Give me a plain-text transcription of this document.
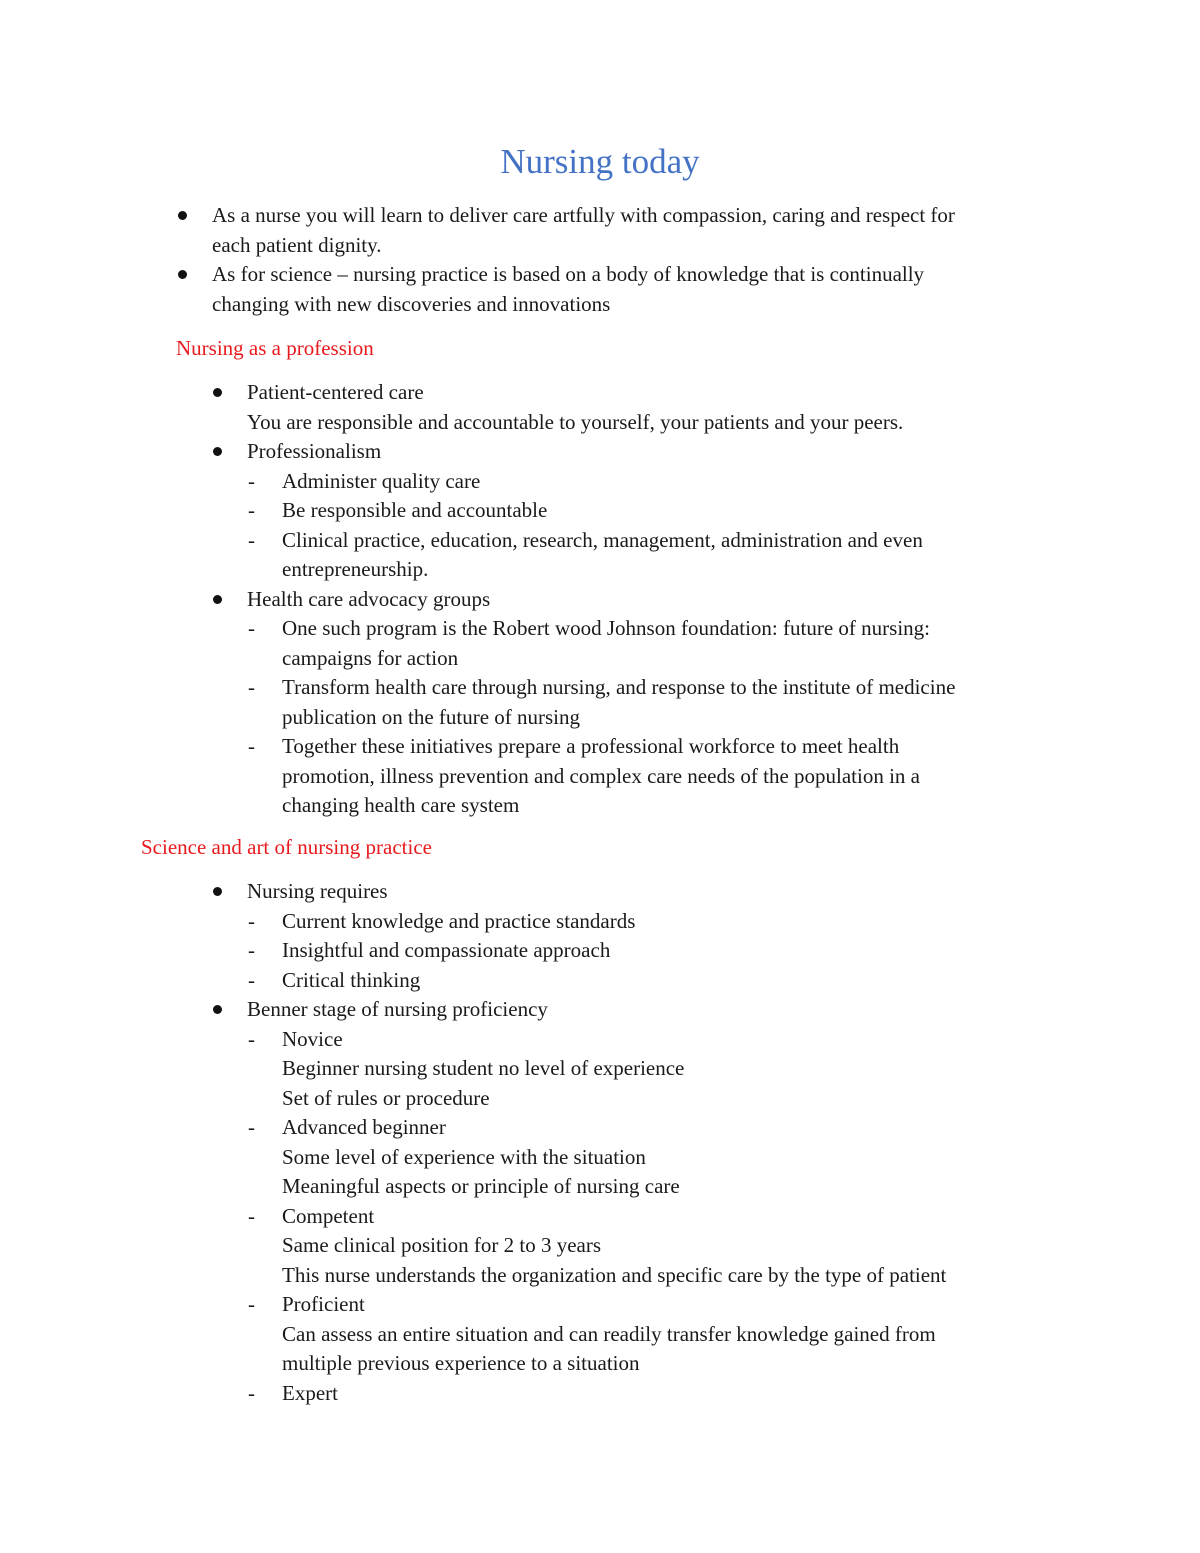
Nursing today
As a nurse you will learn to deliver care artfully with compassion, caring and respect for
each patient dignity.
As for science – nursing practice is based on a body of knowledge that is continually
changing with new discoveries and innovations
Nursing as a profession
Patient-centered care
You are responsible and accountable to yourself, your patients and your peers.
Professionalism
- Administer quality care
- Be responsible and accountable
- Clinical practice, education, research, management, administration and even
entrepreneurship.
Health care advocacy groups
- One such program is the Robert wood Johnson foundation: future of nursing:
campaigns for action
- Transform health care through nursing, and response to the institute of medicine
publication on the future of nursing
- Together these initiatives prepare a professional workforce to meet health
promotion, illness prevention and complex care needs of the population in a
changing health care system
Science and art of nursing practice
Nursing requires
- Current knowledge and practice standards
- Insightful and compassionate approach
- Critical thinking
Benner stage of nursing proficiency
- Novice
Beginner nursing student no level of experience
Set of rules or procedure
- Advanced beginner
Some level of experience with the situation
Meaningful aspects or principle of nursing care
- Competent
Same clinical position for 2 to 3 years
This nurse understands the organization and specific care by the type of patient
- Proficient
Can assess an entire situation and can readily transfer knowledge gained from
multiple previous experience to a situation
- Expert
